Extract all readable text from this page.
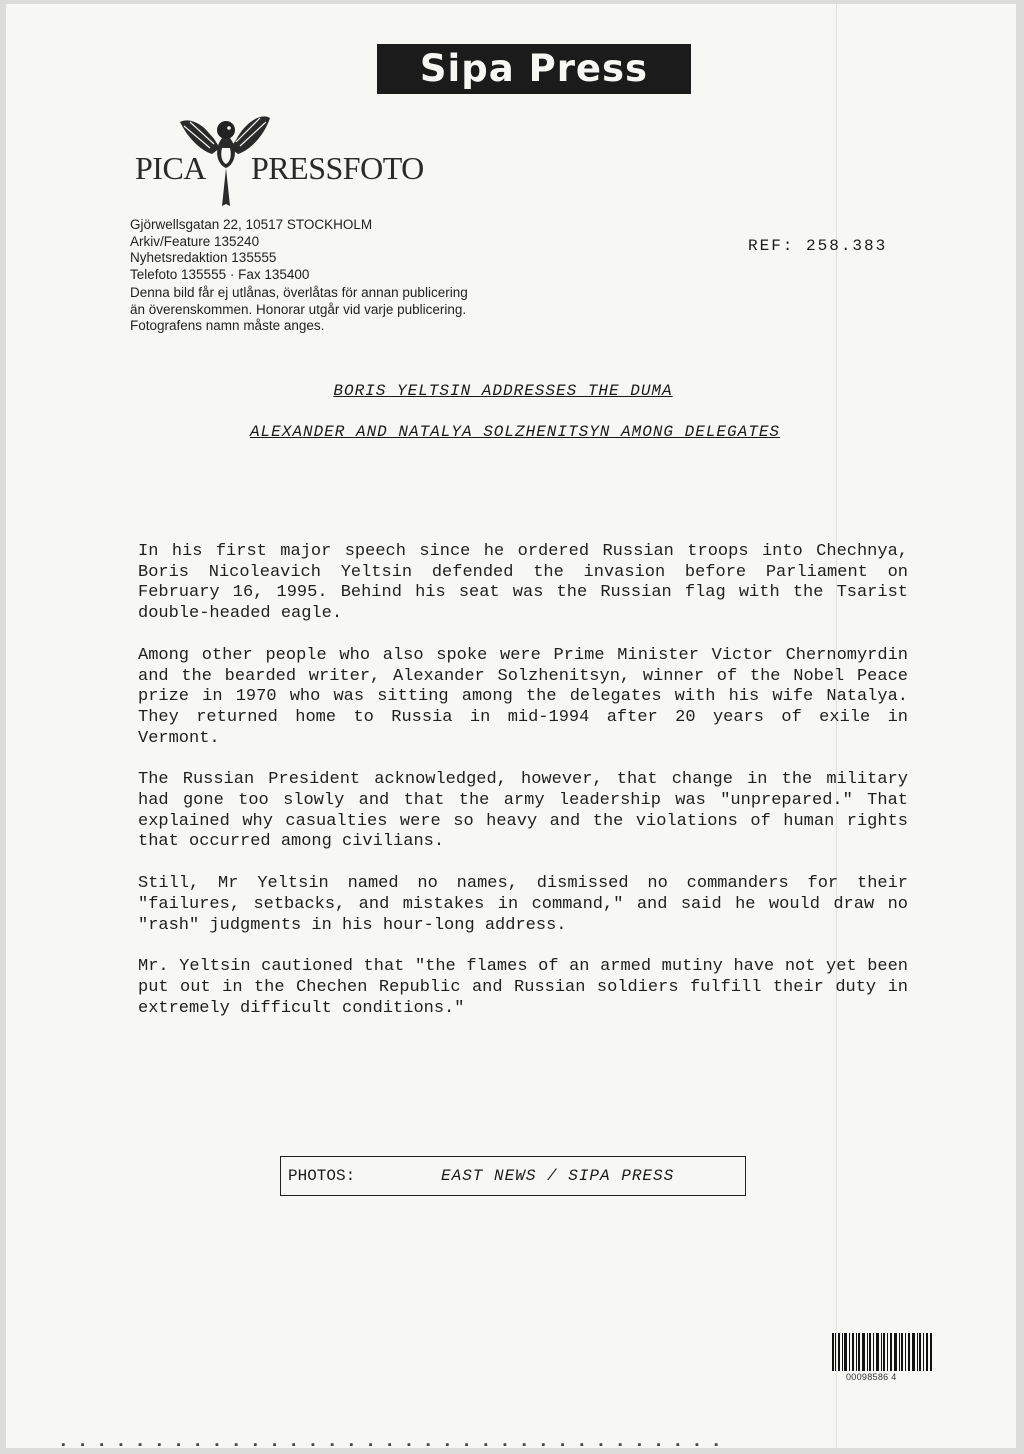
Sipa Press
PICA PRESSFOTO
Gjörwellsgatan 22, 10517 STOCKHOLM
Arkiv/Feature 135240
Nyhetsredaktion 135555
Telefoto 135555 · Fax 135400
Denna bild får ej utlånas, överlåtas för annan publicering än överenskommen. Honorar utgår vid varje publicering. Fotografens namn måste anges.
REF: 258.383
BORIS YELTSIN ADDRESSES THE DUMA
ALEXANDER AND NATALYA SOLZHENITSYN AMONG DELEGATES

In his first major speech since he ordered Russian troops into Chechnya, Boris Nicoleavich Yeltsin defended the invasion before Parliament on February 16, 1995. Behind his seat was the Russian flag with the Tsarist double-headed eagle.

Among other people who also spoke were Prime Minister Victor Chernomyrdin and the bearded writer, Alexander Solzhenitsyn, winner of the Nobel Peace prize in 1970 who was sitting among the delegates with his wife Natalya. They returned home to Russia in mid-1994 after 20 years of exile in Vermont.

The Russian President acknowledged, however, that change in the military had gone too slowly and that the army leadership was "unprepared." That explained why casualties were so heavy and the violations of human rights that occurred among civilians.

Still, Mr Yeltsin named no names, dismissed no commanders for their "failures, setbacks, and mistakes in command," and said he would draw no "rash" judgments in his hour-long address.

Mr. Yeltsin cautioned that "the flames of an armed mutiny have not yet been put out in the Chechen Republic and Russian soldiers fulfill their duty in extremely difficult conditions."

PHOTOS:	EAST NEWS / SIPA PRESS
00098586 4
▪ ▪ ▪ ▪ ▪ ▪ ▪ ▪ ▪ ▪ ▪ ▪ ▪ ▪ ▪ ▪ ▪ ▪ ▪ ▪ ▪ ▪ ▪ ▪ ▪ ▪ ▪ ▪ ▪ ▪ ▪ ▪ ▪ ▪ ▪
